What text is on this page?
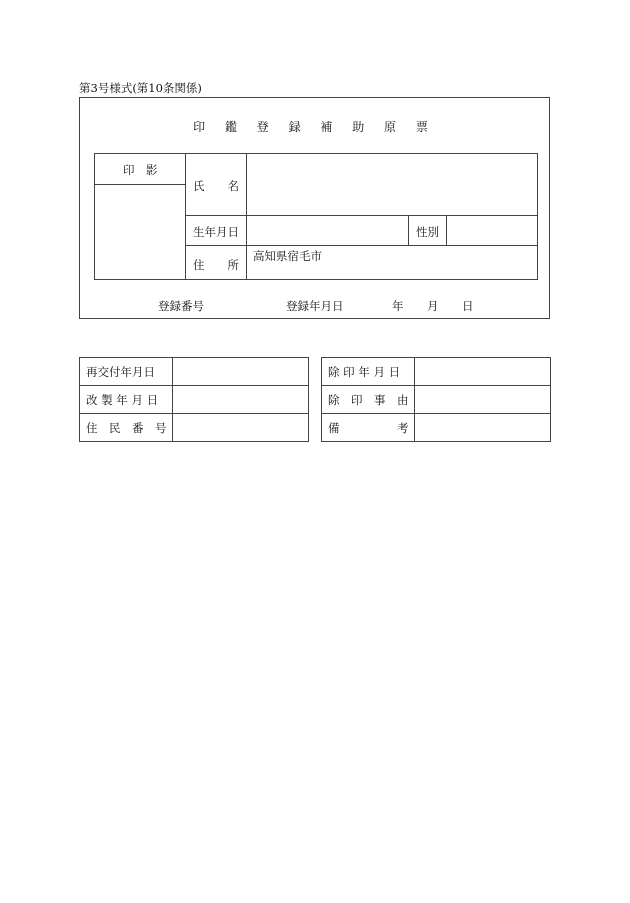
第3号様式(第10条関係)
印 鑑 登 録 補 助 原 票
印　影
氏　　名
生年月日	性別
住　　所
高知県宿毛市
登録番号	登録年月日	年 月 日
再交付年月日	
改 製 年 月 日	
住　民　番　号	
除 印 年 月 日	
除　印　事　由	
備　　　　　考	
